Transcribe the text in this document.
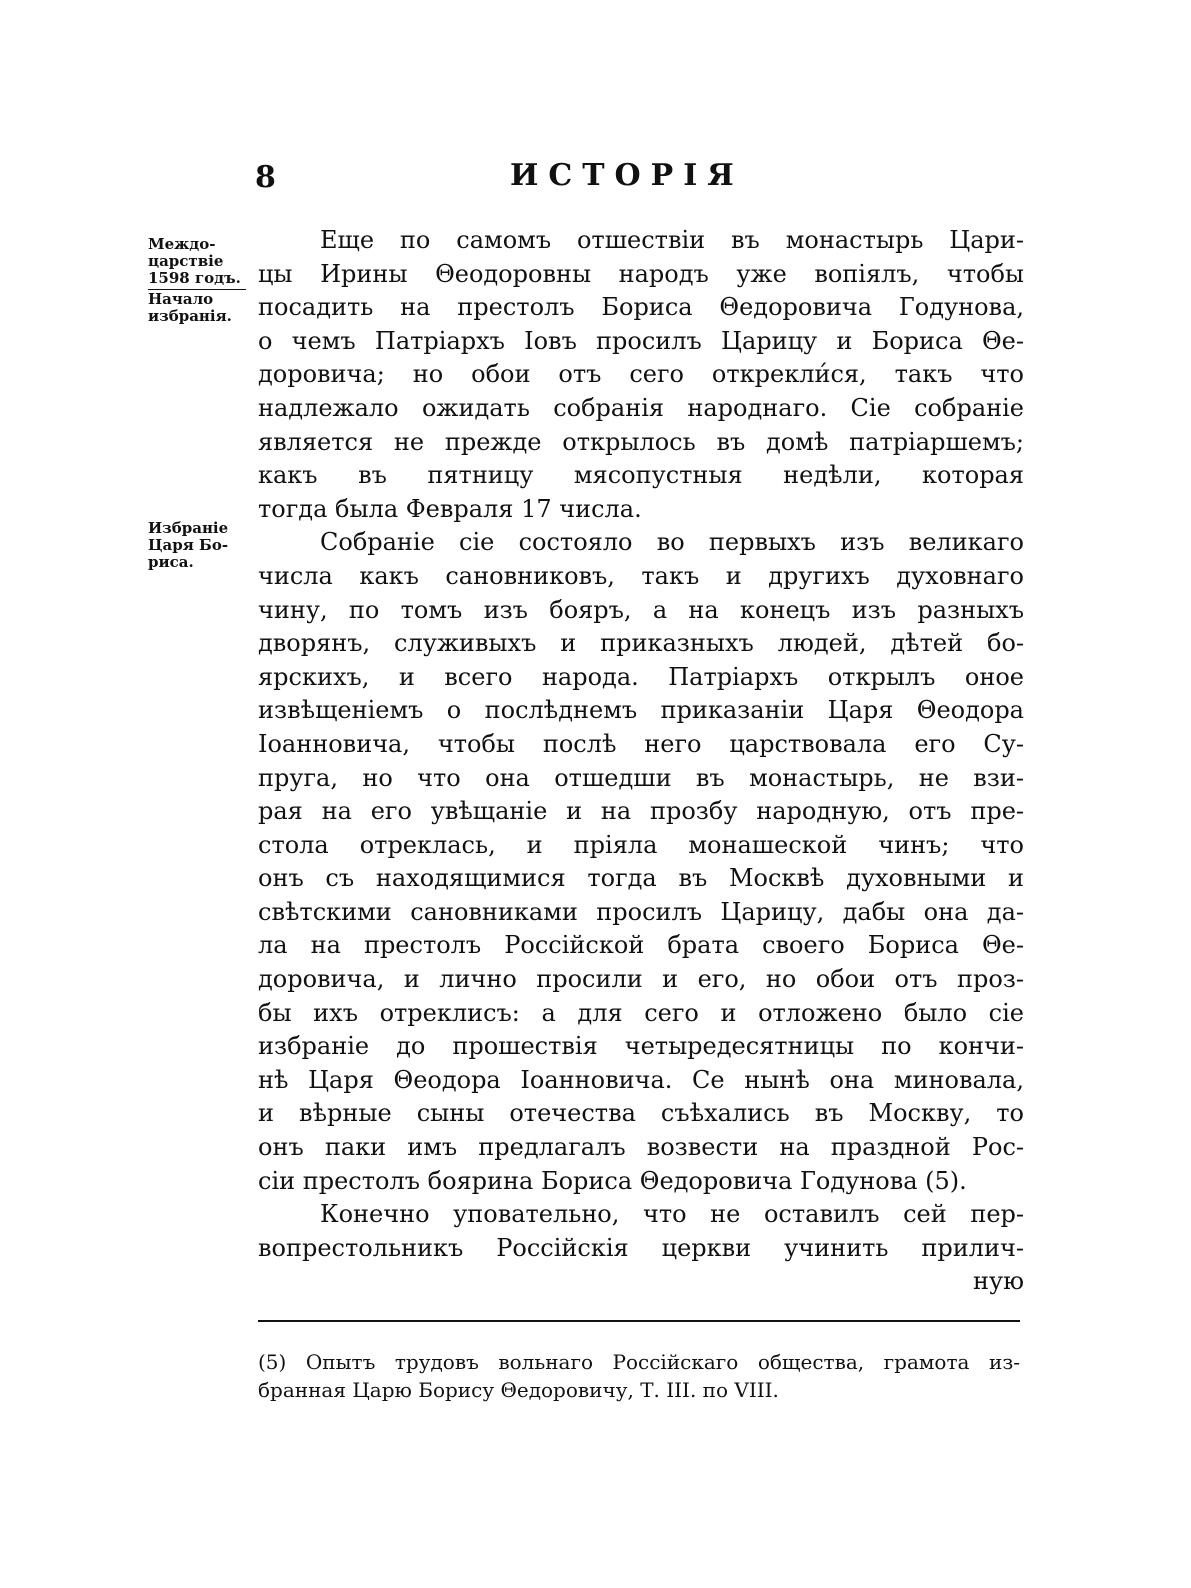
8	ИСТОРІЯ
Междо-
царствіе
1598 годъ.
Начало
избранія.
Избраніе
Царя Бо-
риса.
Еще по самомъ отшествіи въ монастырь Цари-
цы Ирины Θеодоровны народъ уже вопіялъ, чтобы
посадить на престолъ Бориса Θедоровича Годунова,
о чемъ Патріархъ Іовъ просилъ Царицу и Бориса Θе-
доровича; но обои отъ сего открекли́ся, такъ что
надлежало ожидать собранія народнаго. Сіе собраніе
является не прежде открылось въ домѣ патріаршемъ;
какъ въ пятницу мясопустныя недѣли, которая
тогда была Февраля 17 числа.
Собраніе сіе состояло во первыхъ изъ великаго
числа какъ сановниковъ, такъ и другихъ духовнаго
чину, по томъ изъ бояръ, а на конецъ изъ разныхъ
дворянъ, служивыхъ и приказныхъ людей, дѣтей бо-
ярскихъ, и всего народа. Патріархъ открылъ оное
извѣщеніемъ о послѣднемъ приказаніи Царя Θеодора
Іоанновича, чтобы послѣ него царствовала его Су-
пруга, но что она отшедши въ монастырь, не взи-
рая на его увѣщаніе и на прозбу народную, отъ пре-
стола отреклась, и пріяла монашеской чинъ; что
онъ съ находящимися тогда въ Москвѣ духовными и
свѣтскими сановниками просилъ Царицу, дабы она да-
ла на престолъ Россійской брата своего Бориса Θе-
доровича, и лично просили и его, но обои отъ проз-
бы ихъ отреклисъ: а для сего и отложено было сіе
избраніе до прошествія четыредесятницы по кончи-
нѣ Царя Θеодора Іоанновича. Се нынѣ она миновала,
и вѣрные сыны отечества съѣхались въ Москву, то
онъ паки имъ предлагалъ возвести на праздной Рос-
сіи престолъ боярина Бориса Θедоровича Годунова (5).
Конечно уповательно, что не оставилъ сей пер-
вопрестольникъ Россійскія церкви учинить прилич-
ную
(5) Опытъ трудовъ вольнаго Россійскаго общества, грамота из-
бранная Царю Борису Θедоровичу, Т. III. по VIII.
